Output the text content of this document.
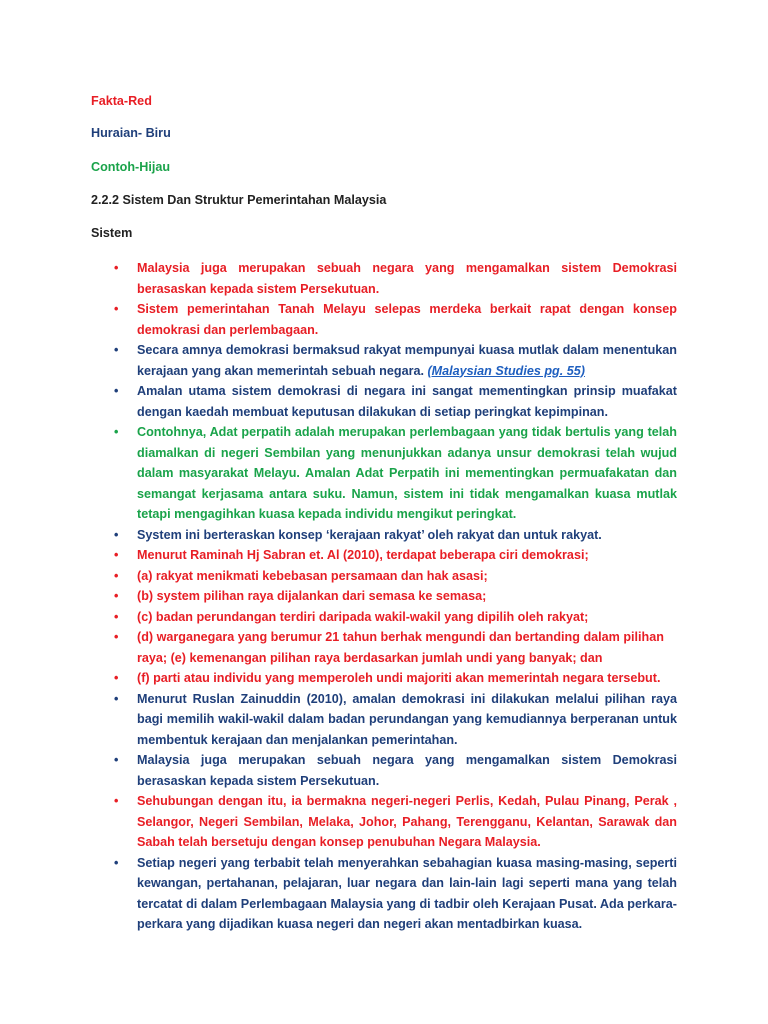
Fakta-Red
Huraian- Biru
Contoh-Hijau
2.2.2 Sistem Dan Struktur Pemerintahan Malaysia
Sistem
• Malaysia juga merupakan sebuah negara yang mengamalkan sistem Demokrasi berasaskan kepada sistem Persekutuan.
• Sistem pemerintahan Tanah Melayu selepas merdeka berkait rapat dengan konsep demokrasi dan perlembagaan.
• Secara amnya demokrasi bermaksud rakyat mempunyai kuasa mutlak dalam menentukan kerajaan yang akan memerintah sebuah negara. (Malaysian Studies pg. 55)
• Amalan utama sistem demokrasi di negara ini sangat mementingkan prinsip muafakat dengan kaedah membuat keputusan dilakukan di setiap peringkat kepimpinan.
• Contohnya, Adat perpatih adalah merupakan perlembagaan yang tidak bertulis yang telah diamalkan di negeri Sembilan yang menunjukkan adanya unsur demokrasi telah wujud dalam masyarakat Melayu. Amalan Adat Perpatih ini mementingkan permuafakatan dan semangat kerjasama antara suku. Namun, sistem ini tidak mengamalkan kuasa mutlak tetapi mengagihkan kuasa kepada individu mengikut peringkat.
• System ini berteraskan konsep ‘kerajaan rakyat’ oleh rakyat dan untuk rakyat.
• Menurut Raminah Hj Sabran et. Al (2010), terdapat beberapa ciri demokrasi;
• (a) rakyat menikmati kebebasan persamaan dan hak asasi;
• (b) system pilihan raya dijalankan dari semasa ke semasa;
• (c) badan perundangan terdiri daripada wakil-wakil yang dipilih oleh rakyat;
• (d) warganegara yang berumur 21 tahun berhak mengundi dan bertanding dalam pilihan raya; (e) kemenangan pilihan raya berdasarkan jumlah undi yang banyak; dan
• (f) parti atau individu yang memperoleh undi majoriti akan memerintah negara tersebut.
• Menurut Ruslan Zainuddin (2010), amalan demokrasi ini dilakukan melalui pilihan raya bagi memilih wakil-wakil dalam badan perundangan yang kemudiannya berperanan untuk membentuk kerajaan dan menjalankan pemerintahan.
• Malaysia juga merupakan sebuah negara yang mengamalkan sistem Demokrasi berasaskan kepada sistem Persekutuan.
• Sehubungan dengan itu, ia bermakna negeri-negeri Perlis, Kedah, Pulau Pinang, Perak , Selangor, Negeri Sembilan, Melaka, Johor, Pahang, Terengganu, Kelantan, Sarawak dan Sabah telah bersetuju dengan konsep penubuhan Negara Malaysia.
• Setiap negeri yang terbabit telah menyerahkan sebahagian kuasa masing-masing, seperti kewangan, pertahanan, pelajaran, luar negara dan lain-lain lagi seperti mana yang telah tercatat di dalam Perlembagaan Malaysia yang di tadbir oleh Kerajaan Pusat. Ada perkara-perkara yang dijadikan kuasa negeri dan negeri akan mentadbirkan kuasa.
